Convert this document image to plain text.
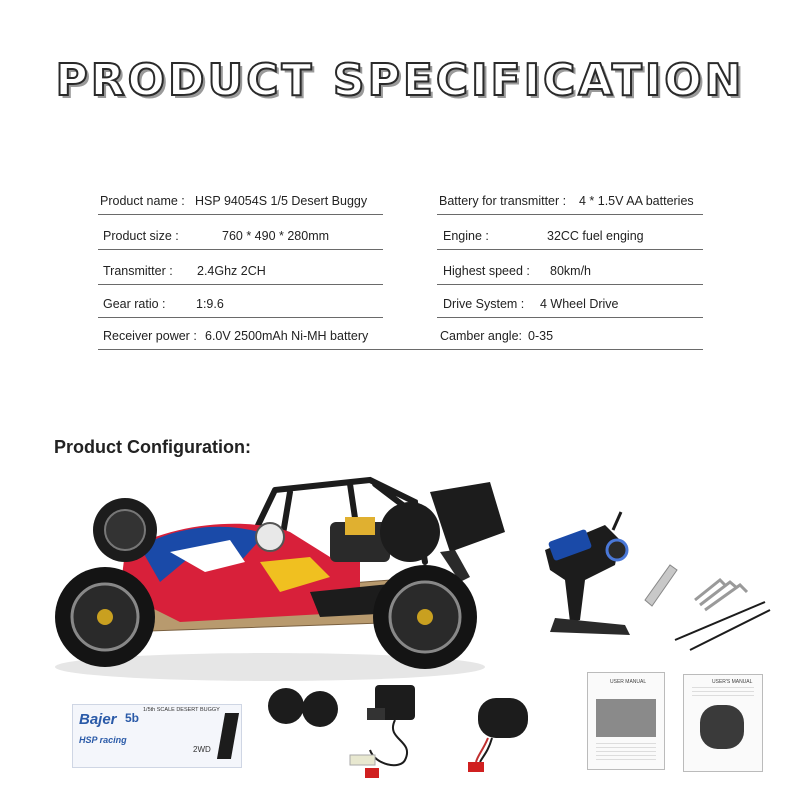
PRODUCT SPECIFICATION
Product name : HSP 94054S 1/5 Desert Buggy	Battery for transmitter : 4 * 1.5V AA batteries
Product size :	760 * 490 * 280mm	Engine :	32CC fuel enging
Transmitter : 2.4Ghz 2CH	Highest speed : 80km/h
Gear ratio : 1:9.6	Drive System : 4 Wheel Drive
Receiver power : 6.0V 2500mAh Ni-MH battery	Camber angle: 0-35
Product Configuration:
Bajer 5b
1/5th SCALE DESERT BUGGY
HSP racing
2WD
USER MANUAL	USER'S MANUAL
